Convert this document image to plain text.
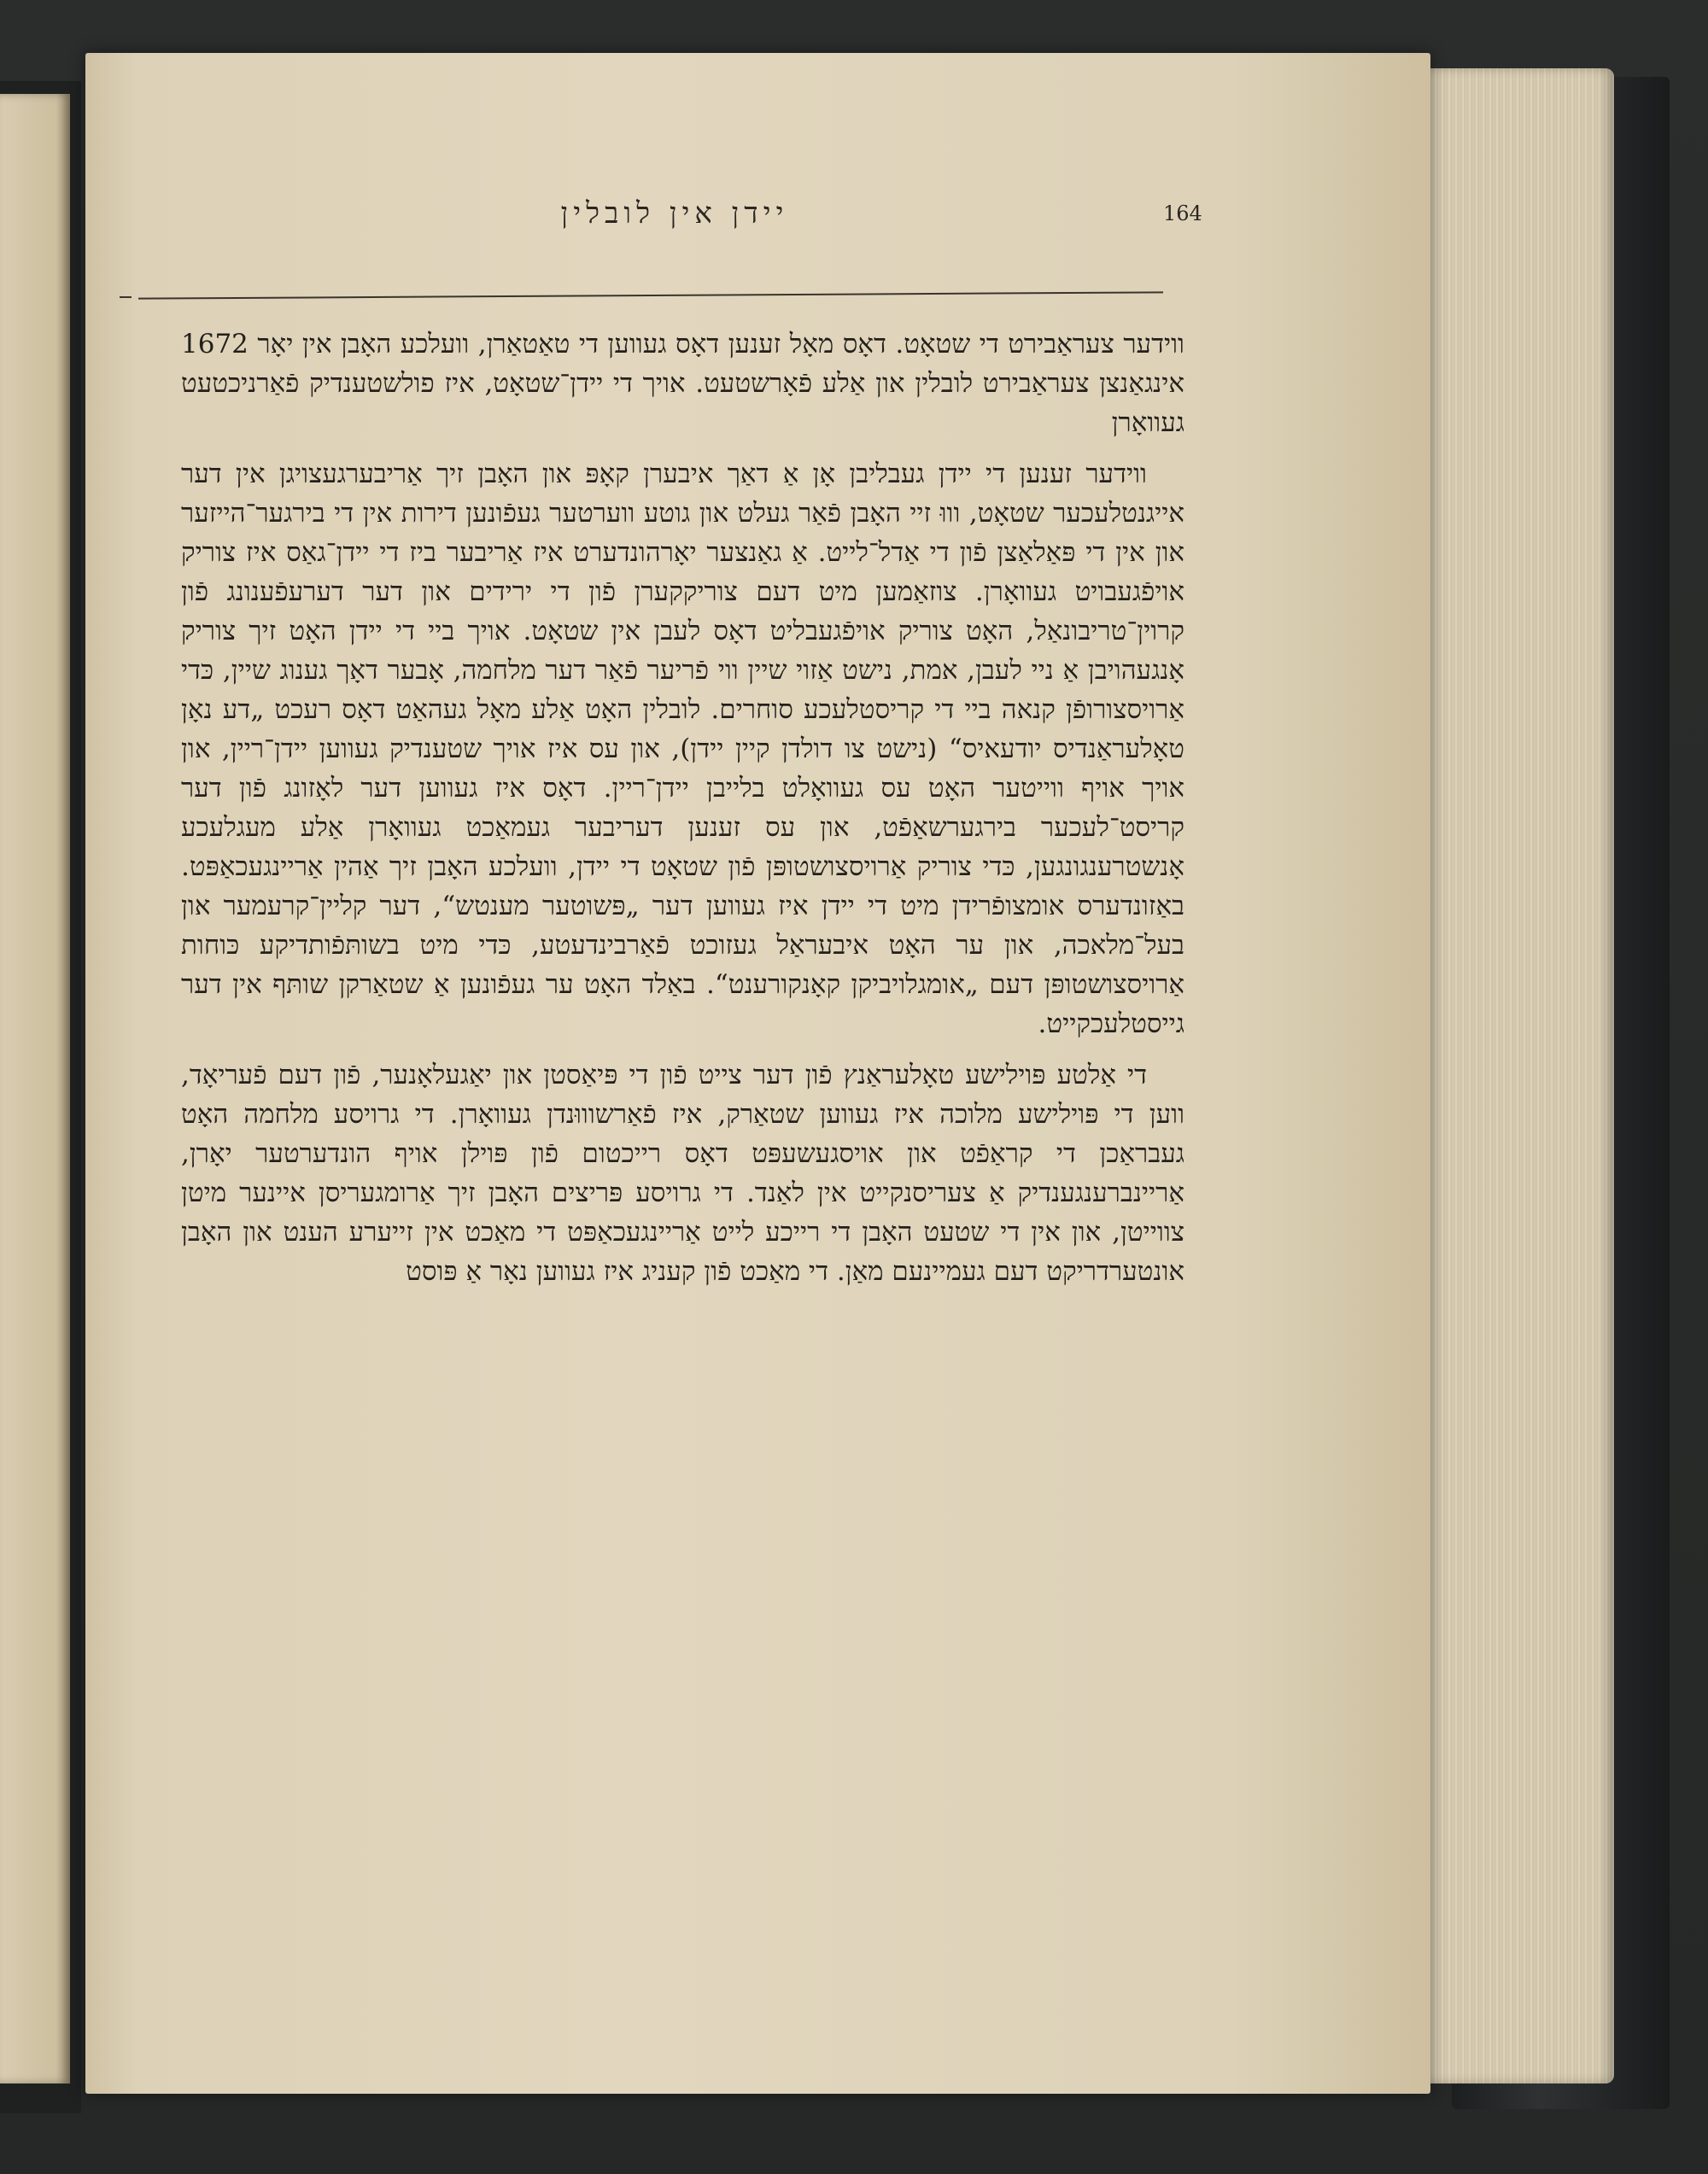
יידן אין לובלין	164

ווידער צעראַבירט די שטאָט. דאָס מאָל זענען דאָס געווען די טאַטאַרן, וועלכע האָבן אין יאָר 1672 אינגאַנצן צעראַבירט לובלין און אַלע פֿאָרשטעט. אויך די יידן־שטאָט, איז פולשטענדיק פֿאַרניכטעט געוואָרן

ווידער זענען די יידן געבליבן אָן אַ דאַך איבערן קאָפּ און האָבן זיך אַריבערגעצויגן אין דער אייגנטלעכער שטאָט, וווּ זיי האָבן פֿאַר געלט און גוטע ווערטער געפֿונען דירות אין די בירגער־הייזער און אין די פּאַלאַצן פֿון די אַדל־לייט. אַ גאַנצער יאָרהונדערט איז אַריבער ביז די יידן־גאַס איז צוריק אויפֿגעבויט געוואָרן. צוזאַמען מיט דעם צוריקקערן פֿון די ירידים און דער דערעפֿענונג פֿון קרוין־טריבונאַל, האָט צוריק אויפֿגעבליט דאָס לעבן אין שטאָט. אויך ביי די יידן האָט זיך צוריק אָנגעהויבן אַ ניי לעבן, אמת, נישט אַזוי שיין ווי פֿריער פֿאַר דער מלחמה, אָבער דאָך גענוג שיין, כּדי אַרויסצורופֿן קנאה ביי די קריסטלעכע סוחרים. לובלין האָט אַלע מאָל געהאַט דאָס רעכט „דע נאָן טאָלעראַנדיס יודעאיס“ (נישט צו דולדן קיין יידן), און עס איז אויך שטענדיק געווען יידן־ריין, און אויך אויף ווייטער האָט עס געוואָלט בלייבן יידן־ריין. דאָס איז געווען דער לאָזונג פֿון דער קריסט־לעכער בירגערשאַפֿט, און עס זענען דעריבער געמאַכט געוואָרן אַלע מעגלעכע אָנשטרענגונגען, כּדי צוריק אַרויסצושטופּן פֿון שטאָט די יידן, וועלכע האָבן זיך אַהין אַריינגעכאַפּט. באַזונדערס אומצופֿרידן מיט די יידן איז געווען דער „פּשוטער מענטש“, דער קליין־קרעמער און בעל־מלאכה, און ער האָט איבעראַל געזוכט פֿאַרבינדעטע, כּדי מיט בשותּפֿותדיקע כּוחות אַרויסצושטופּן דעם „אומגלויביקן קאָנקורענט“. באַלד האָט ער געפֿונען אַ שטאַרקן שותּף אין דער גייסטלעכקייט.

די אַלטע פּוילישע טאָלעראַנץ פֿון דער צייט פֿון די פּיאַסטן און יאַגעלאָנער, פֿון דעם פֿעריאָד, ווען די פּוילישע מלוכה איז געווען שטאַרק, איז פֿאַרשוווּנדן געוואָרן. די גרויסע מלחמה האָט געבראַכן די קראַפֿט און אויסגעשעפּט דאָס רייכטום פֿון פּוילן אויף הונדערטער יאָרן, אַריינברענגענדיק אַ צעריסנקייט אין לאַנד. די גרויסע פּריצים האָבן זיך אַרומגעריסן איינער מיטן צווייטן, און אין די שטעט האָבן די רייכע לייט אַריינגעכאַפּט די מאַכט אין זייערע הענט און האָבן אונטערדריקט דעם געמיינעם מאַן. די מאַכט פֿון קעניג איז געווען נאָר אַ פּוסט
